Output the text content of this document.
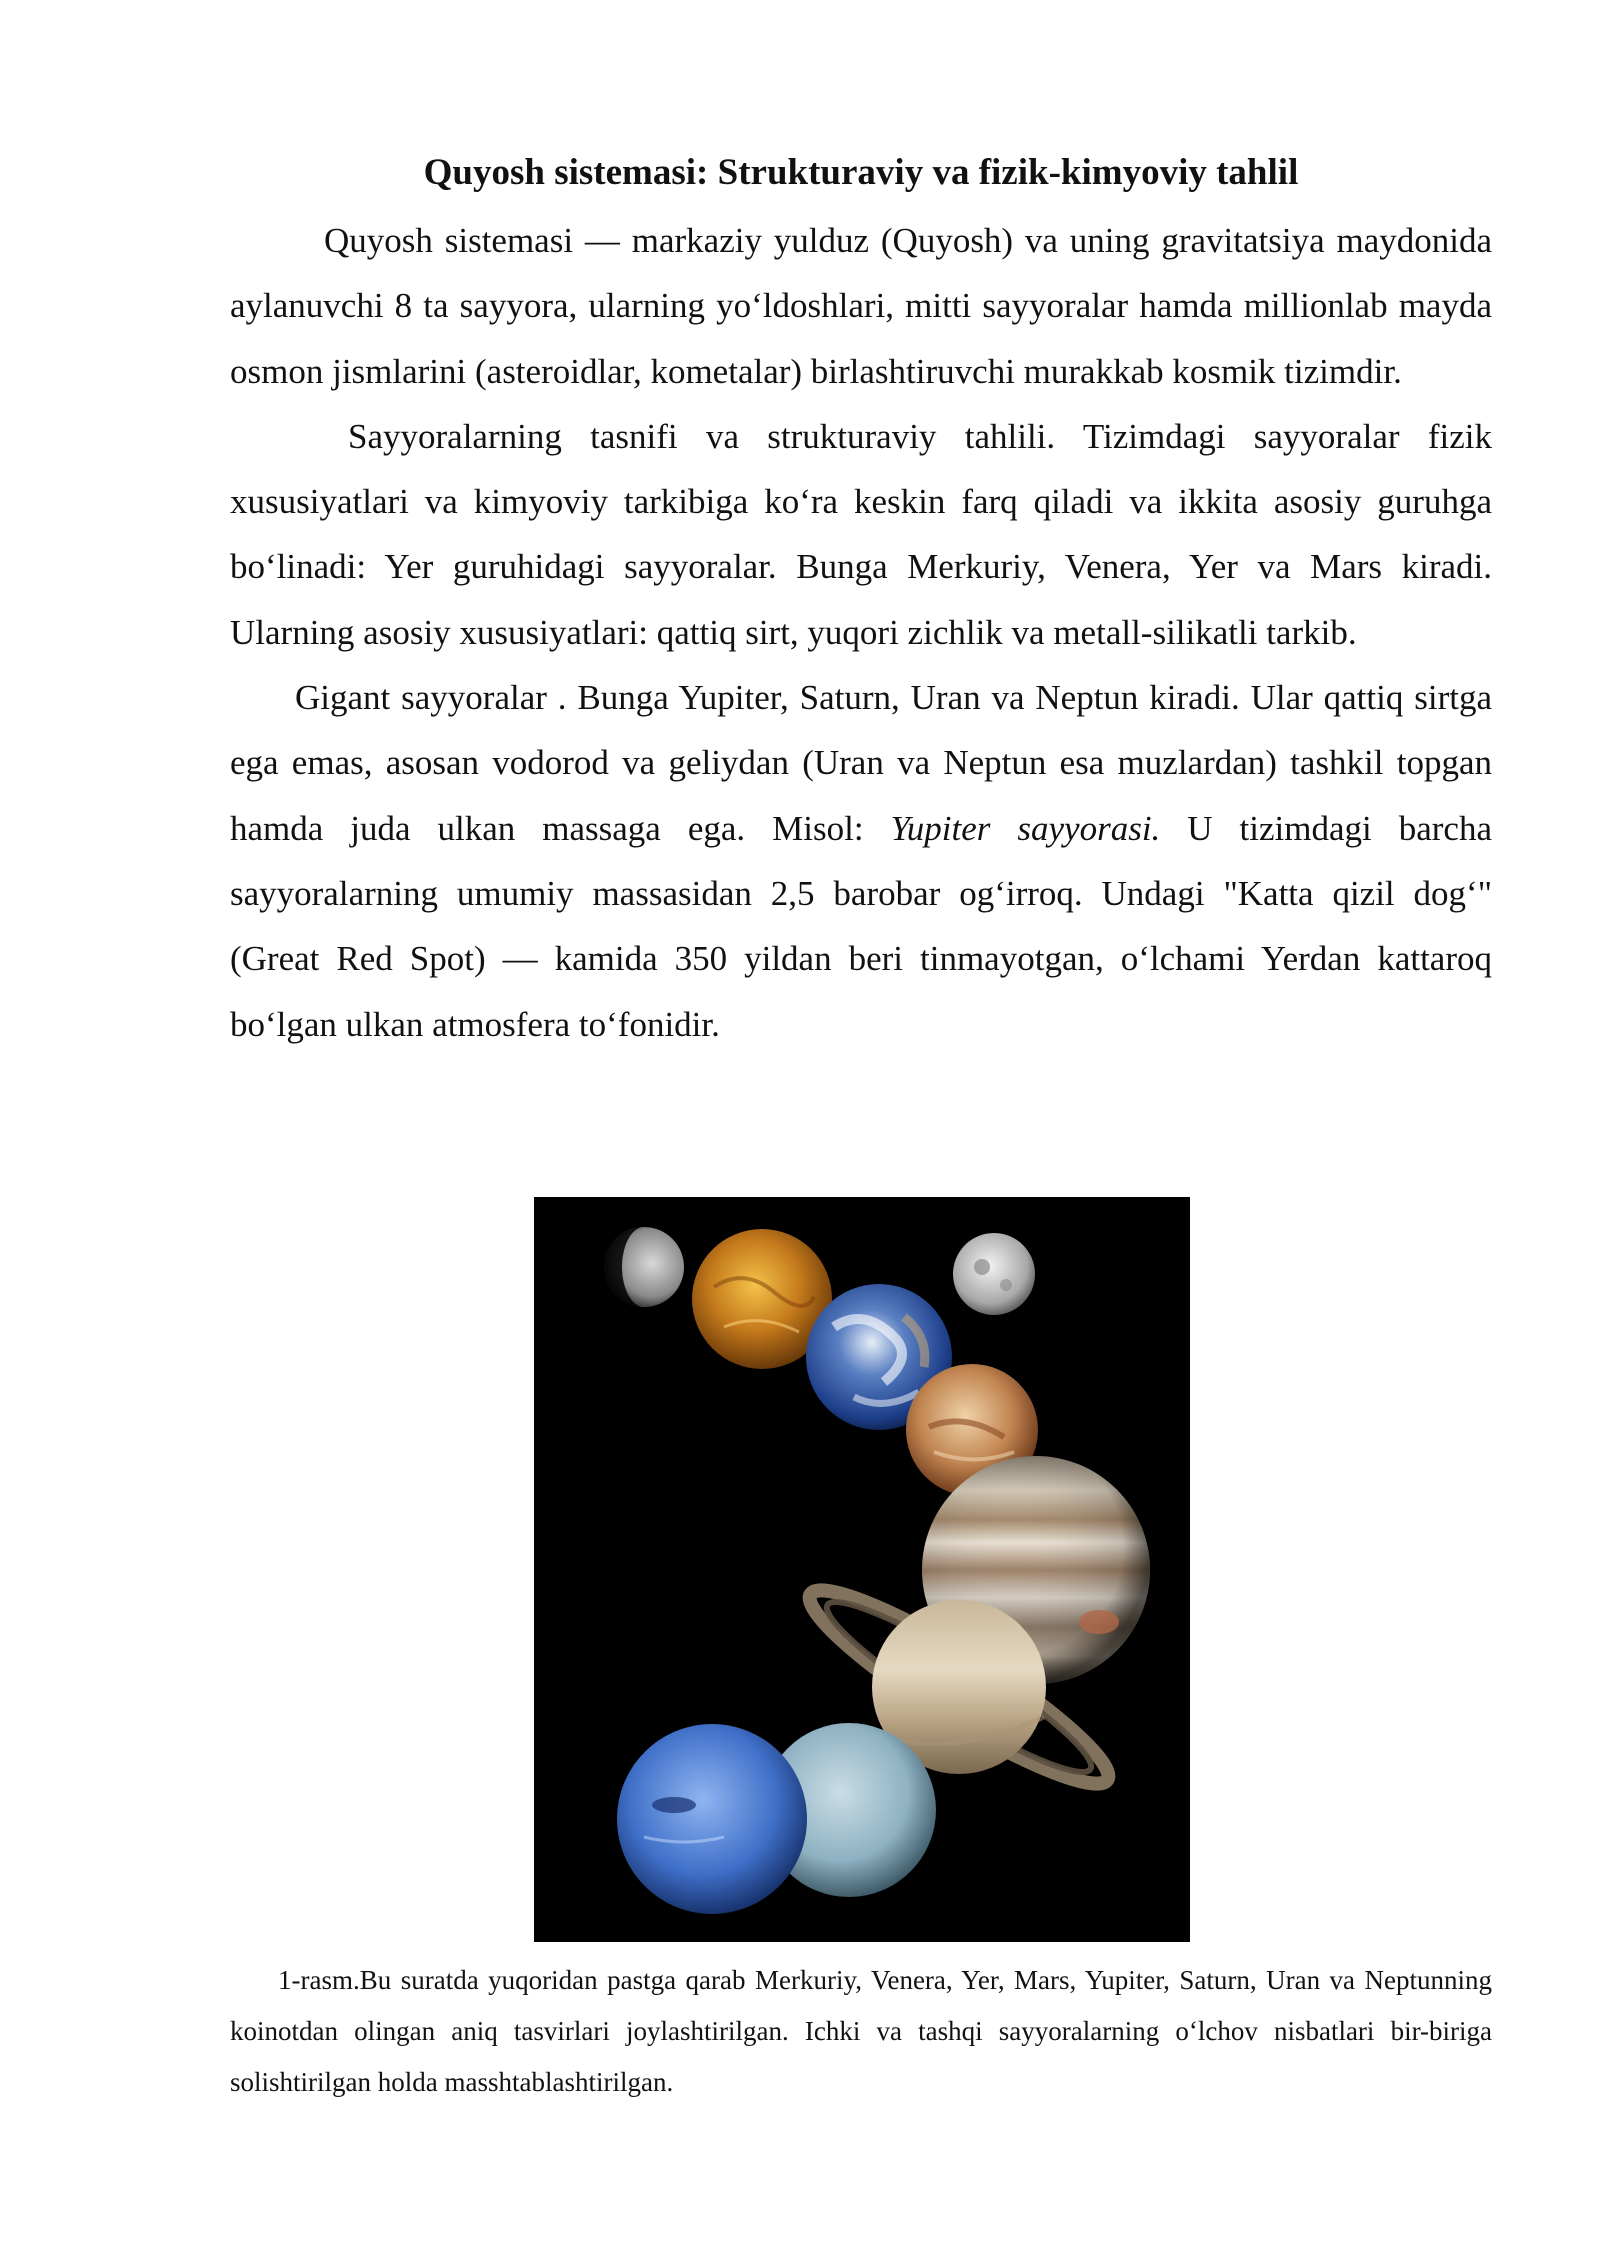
Quyosh sistemasi: Strukturaviy va fizik-kimyoviy tahlil

Quyosh sistemasi — markaziy yulduz (Quyosh) va uning gravitatsiya maydonida aylanuvchi 8 ta sayyora, ularning yo‘ldoshlari, mitti sayyoralar hamda millionlab mayda osmon jismlarini (asteroidlar, kometalar) birlashtiruvchi murakkab kosmik tizimdir.

Sayyoralarning tasnifi va strukturaviy tahlili. Tizimdagi sayyoralar fizik xususiyatlari va kimyoviy tarkibiga ko‘ra keskin farq qiladi va ikkita asosiy guruhga bo‘linadi: Yer guruhidagi sayyoralar. Bunga Merkuriy, Venera, Yer va Mars kiradi. Ularning asosiy xususiyatlari: qattiq sirt, yuqori zichlik va metall-silikatli tarkib.

Gigant sayyoralar . Bunga Yupiter, Saturn, Uran va Neptun kiradi. Ular qattiq sirtga ega emas, asosan vodorod va geliydan (Uran va Neptun esa muzlardan) tashkil topgan hamda juda ulkan massaga ega. Misol: Yupiter sayyorasi. U tizimdagi barcha sayyoralarning umumiy massasidan 2,5 barobar og‘irroq. Undagi "Katta qizil dog‘" (Great Red Spot) — kamida 350 yildan beri tinmayotgan, o‘lchami Yerdan kattaroq bo‘lgan ulkan atmosfera to‘fonidir.

1-rasm.Bu suratda yuqoridan pastga qarab Merkuriy, Venera, Yer, Mars, Yupiter, Saturn, Uran va Neptunning koinotdan olingan aniq tasvirlari joylashtirilgan. Ichki va tashqi sayyoralarning o‘lchov nisbatlari bir-biriga solishtirilgan holda masshtablashtirilgan.
